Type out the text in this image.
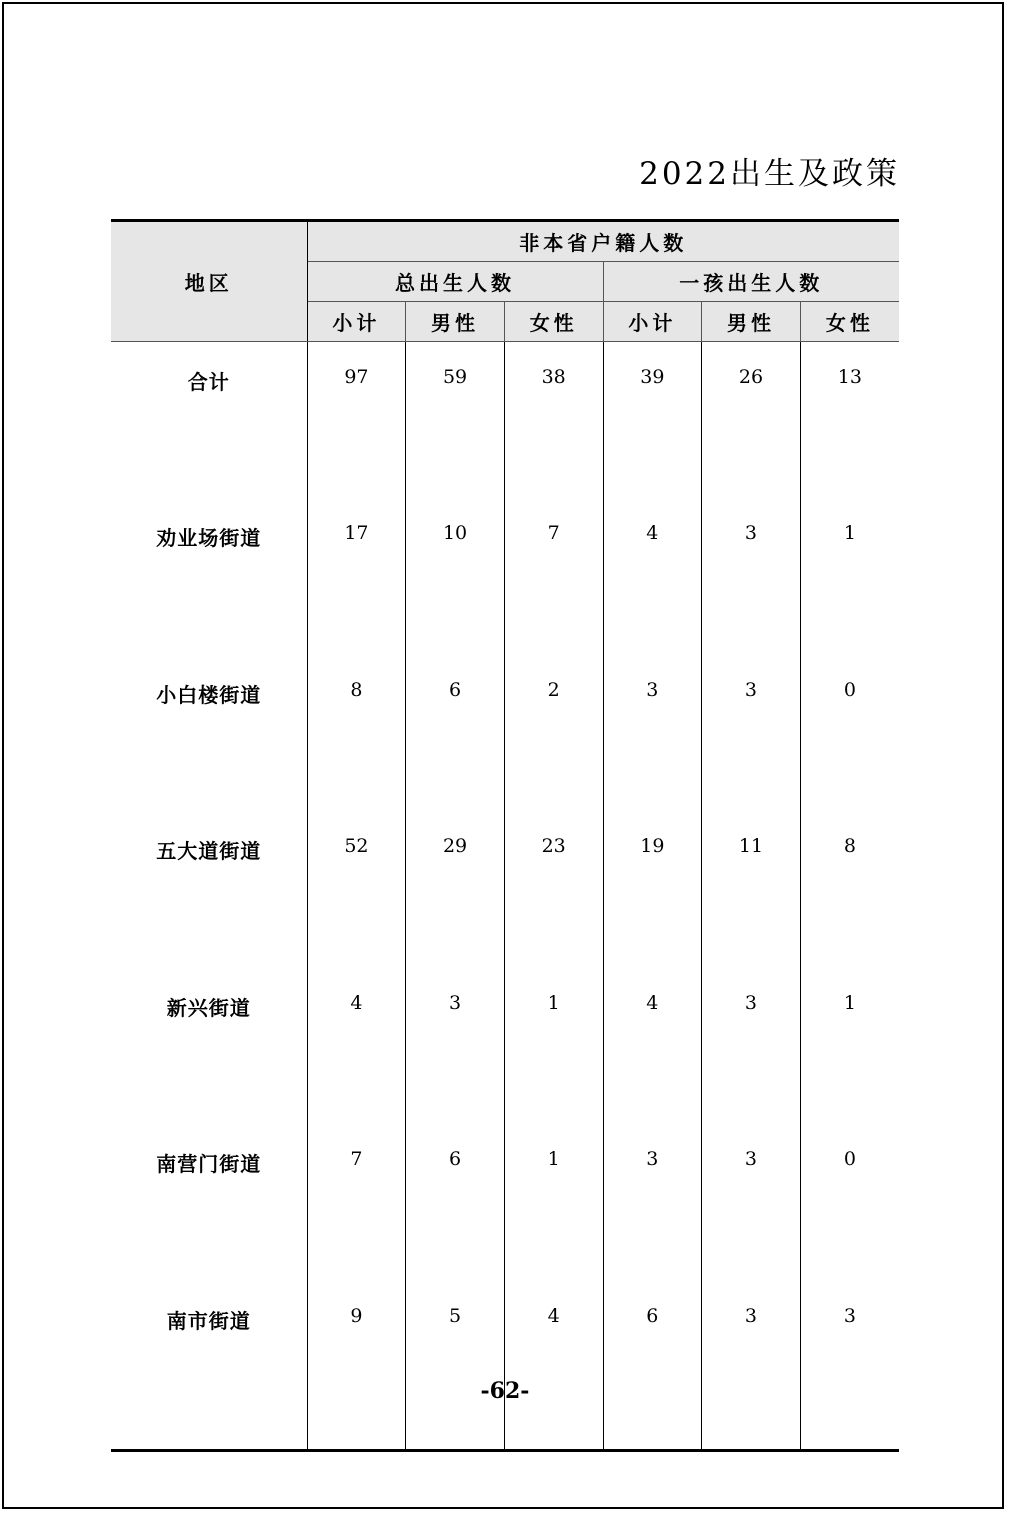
2022出生及政策
地区	非本省户籍人数					
	总出生人数			一孩出生人数		
	小计	男性	女性	小计	男性	女性
合计	97	59	38	39	26	13
劝业场街道	17	10	7	4	3	1
小白楼街道	8	6	2	3	3	0
五大道街道	52	29	23	19	11	8
新兴街道	4	3	1	4	3	1
南营门街道	7	6	1	3	3	0
南市街道	9	5	4	6	3	3
-62-
